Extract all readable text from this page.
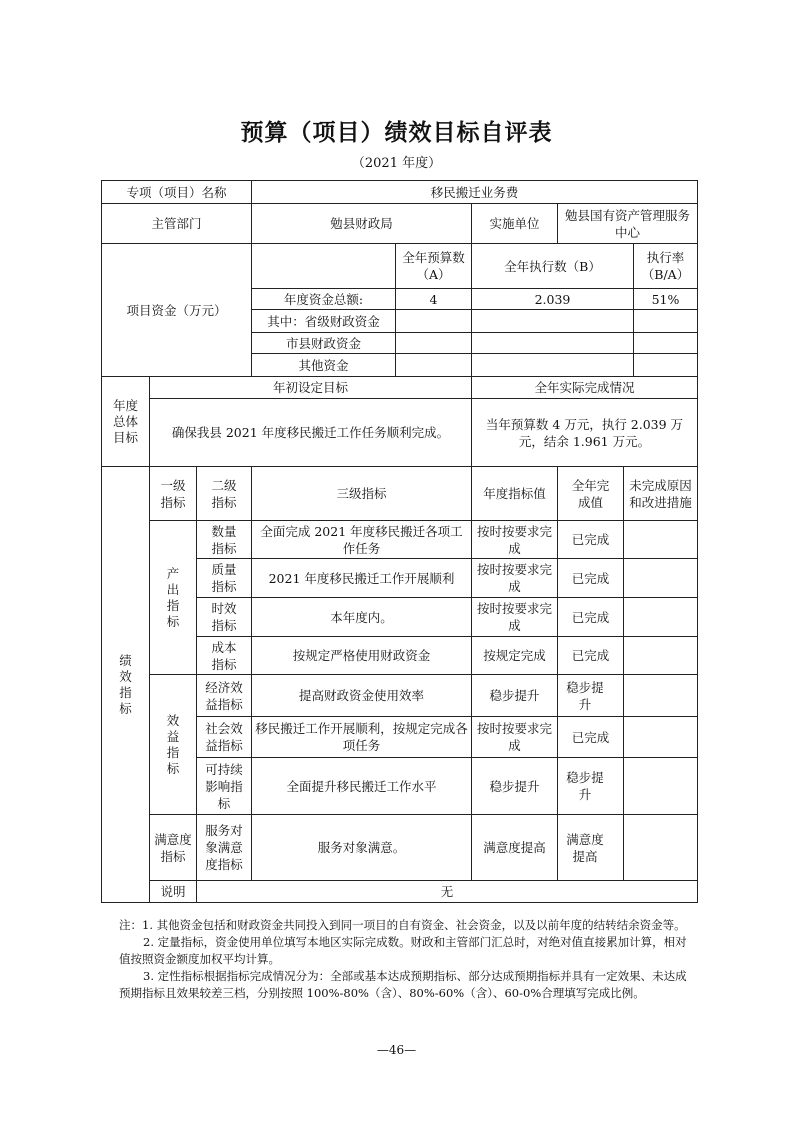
预算（项目）绩效目标自评表
（2021 年度）
专项（项目）名称			移民搬迁业务费					
主管部门			勉县财政局		实施单位	勉县国有资产管理服务中心		
项目资金（万元）				全年预算数（A）	全年执行数（B）			执行率（B/A）
			年度资金总额:	4	2.039			51%
			其中：省级财政资金					
			市县财政资金					
			其他资金					
年度总体目标	年初设定目标				全年实际完成情况			
	确保我县 2021 年度移民搬迁工作任务顺利完成。				当年预算数 4 万元，执行 2.039 万元，结余 1.961 万元。			
绩效指标	一级指标	二级指标	三级指标		年度指标值	全年完成值	未完成原因和改进措施	
	产出指标	数量指标	全面完成 2021 年度移民搬迁各项工作任务		按时按要求完成	已完成		
		质量指标	2021 年度移民搬迁工作开展顺利		按时按要求完成	已完成		
		时效指标	本年度内。		按时按要求完成	已完成		
		成本指标	按规定严格使用财政资金		按规定完成	已完成		
	效益指标	经济效益指标	提高财政资金使用效率		稳步提升	稳步提升		
		社会效益指标	移民搬迁工作开展顺利，按规定完成各项任务		按时按要求完成	已完成		
		可持续影响指标	全面提升移民搬迁工作水平		稳步提升	稳步提升		
	满意度指标	服务对象满意度指标	服务对象满意。		满意度提高	满意度提高		
	说明	无						

注：1. 其他资金包括和财政资金共同投入到同一项目的自有资金、社会资金，以及以前年度的结转结余资金等。

2. 定量指标，资金使用单位填写本地区实际完成数。财政和主管部门汇总时，对绝对值直接累加计算，相对值按照资金额度加权平均计算。

3. 定性指标根据指标完成情况分为：全部或基本达成预期指标、部分达成预期指标并具有一定效果、未达成预期指标且效果较差三档，分别按照 100%-80%（含）、80%-60%（含）、60-0%合理填写完成比例。

—46—
